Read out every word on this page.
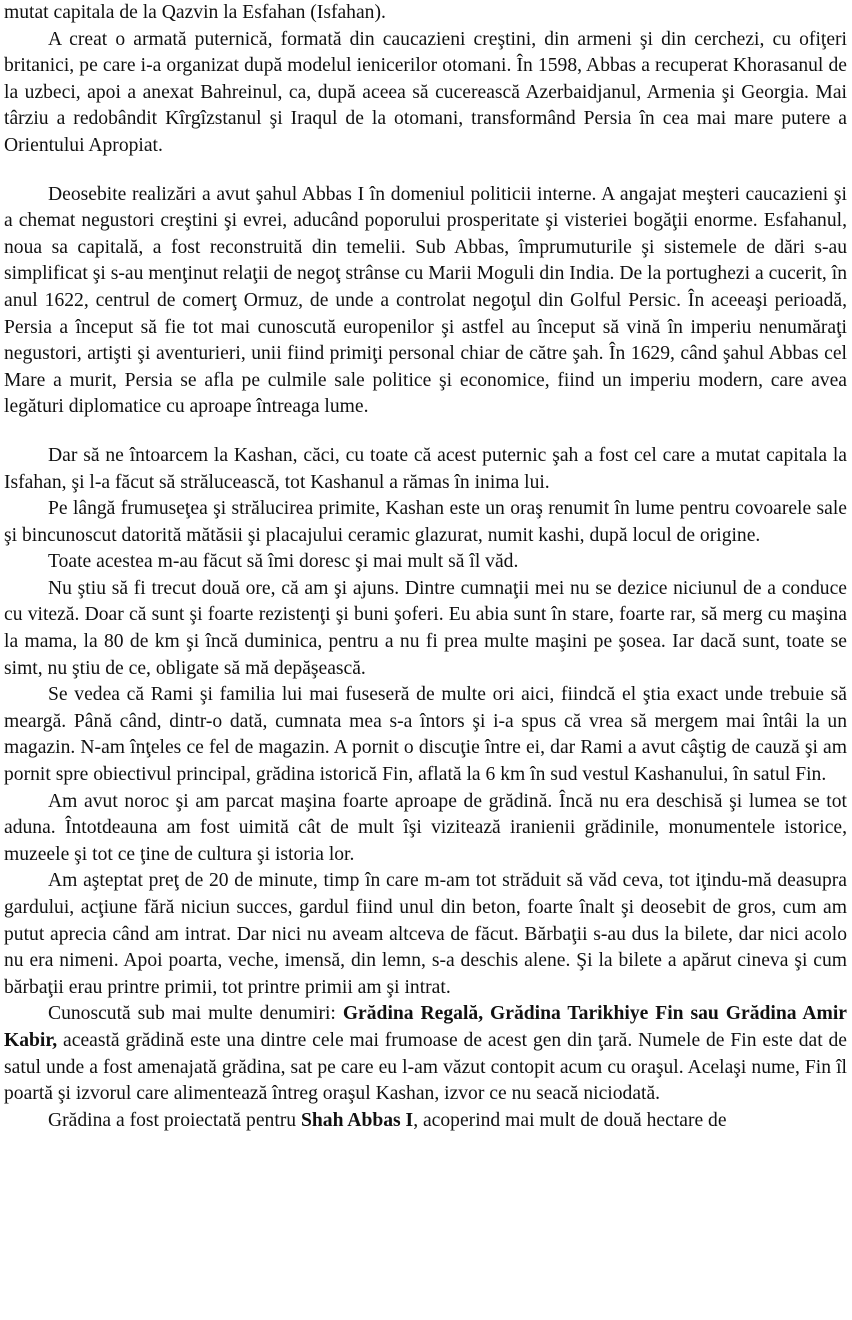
mutat capitala de la Qazvin la Esfahan (Isfahan).

A creat o armată puternică, formată din caucazieni creştini, din armeni şi din cerchezi, cu ofiţeri britanici, pe care i-a organizat după modelul ienicerilor otomani. În 1598, Abbas a recuperat Khorasanul de la uzbeci, apoi a anexat Bahreinul, ca, după aceea să cucerească Azerbaidjanul, Armenia şi Georgia. Mai târziu a redobândit Kîrgîzstanul şi Iraqul de la otomani, transformând Persia în cea mai mare putere a Orientului Apropiat.

Deosebite realizări a avut şahul Abbas I în domeniul politicii interne. A angajat meşteri caucazieni şi a chemat negustori creştini şi evrei, aducând poporului prosperitate şi visteriei bogăţii enorme. Esfahanul, noua sa capitală, a fost reconstruită din temelii. Sub Abbas, împrumuturile şi sistemele de dări s-au simplificat şi s-au menţinut relaţii de negoţ strânse cu Marii Moguli din India. De la portughezi a cucerit, în anul 1622, centrul de comerţ Ormuz, de unde a controlat negoţul din Golful Persic. În aceeaşi perioadă, Persia a început să fie tot mai cunoscută europenilor şi astfel au început să vină în imperiu nenumăraţi negustori, artişti şi aventurieri, unii fiind primiţi personal chiar de către şah. În 1629, când şahul Abbas cel Mare a murit, Persia se afla pe culmile sale politice şi economice, fiind un imperiu modern, care avea legături diplomatice cu aproape întreaga lume.

Dar să ne întoarcem la Kashan, căci, cu toate că acest puternic şah a fost cel care a mutat capitala la Isfahan, şi l-a făcut să strălucească, tot Kashanul a rămas în inima lui.

Pe lângă frumuseţea şi strălucirea primite, Kashan este un oraş renumit în lume pentru covoarele sale şi bincunoscut datorită mătăsii şi placajului ceramic glazurat, numit kashi, după locul de origine.

Toate acestea m-au făcut să îmi doresc şi mai mult să îl văd.

Nu ştiu să fi trecut două ore, că am şi ajuns. Dintre cumnaţii mei nu se dezice niciunul de a conduce cu viteză. Doar că sunt şi foarte rezistenţi şi buni şoferi. Eu abia sunt în stare, foarte rar, să merg cu maşina la mama, la 80 de km şi încă duminica, pentru a nu fi prea multe maşini pe şosea. Iar dacă sunt, toate se simt, nu ştiu de ce, obligate să mă depăşească.

Se vedea că Rami şi familia lui mai fuseseră de multe ori aici, fiindcă el ştia exact unde trebuie să meargă. Până când, dintr-o dată, cumnata mea s-a întors şi i-a spus că vrea să mergem mai întâi la un magazin. N-am înţeles ce fel de magazin. A pornit o discuţie între ei, dar Rami a avut câştig de cauză şi am pornit spre obiectivul principal, grădina istorică Fin, aflată la 6 km în sud vestul Kashanului, în satul Fin.

Am avut noroc şi am parcat maşina foarte aproape de grădină. Încă nu era deschisă şi lumea se tot aduna. Întotdeauna am fost uimită cât de mult îşi vizitează iranienii grădinile, monumentele istorice, muzeele şi tot ce ţine de cultura şi istoria lor.

Am aşteptat preţ de 20 de minute, timp în care m-am tot străduit să văd ceva, tot iţindu-mă deasupra gardului, acţiune fără niciun succes, gardul fiind unul din beton, foarte înalt şi deosebit de gros, cum am putut aprecia când am intrat. Dar nici nu aveam altceva de făcut. Bărbaţii s-au dus la bilete, dar nici acolo nu era nimeni. Apoi poarta, veche, imensă, din lemn, s-a deschis alene. Şi la bilete a apărut cineva şi cum bărbaţii erau printre primii, tot printre primii am şi intrat.

Cunoscută sub mai multe denumiri: Grădina Regală, Grădina Tarikhiye Fin sau Grădina Amir Kabir, această grădină este una dintre cele mai frumoase de acest gen din ţară. Numele de Fin este dat de satul unde a fost amenajată grădina, sat pe care eu l-am văzut contopit acum cu oraşul. Acelaşi nume, Fin îl poartă şi izvorul care alimentează întreg oraşul Kashan, izvor ce nu seacă niciodată.

Grădina a fost proiectată pentru Shah Abbas I, acoperind mai mult de două hectare de
